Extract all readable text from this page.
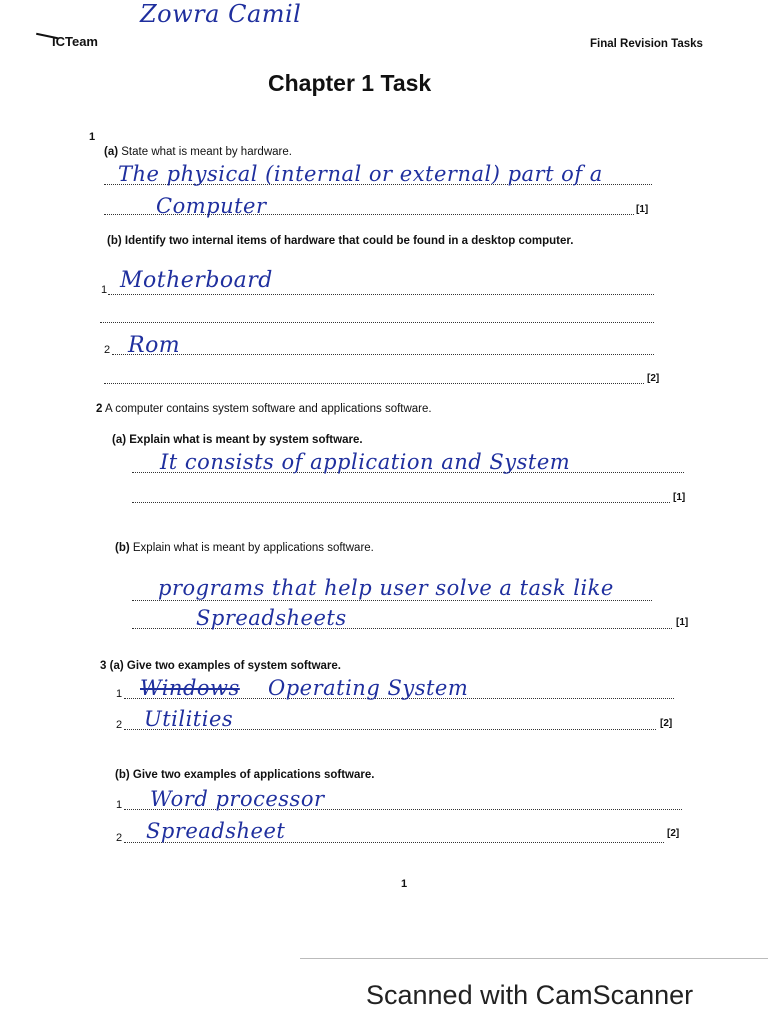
Zowra Camil
ICTeam	Final Revision Tasks
Chapter 1 Task
1
(a) State what is meant by hardware.
The physical (internal or external) part of a
Computer	[1]
(b) Identify two internal items of hardware that could be found in a desktop computer.
1 Motherboard
2 Rom
[2]
2 A computer contains system software and applications software.
(a) Explain what is meant by system software.
It consists of application and System
[1]
(b) Explain what is meant by applications software.
programs that help user solve a task like
Spreadsheets	[1]
3 (a) Give two examples of system software.
1 Windows Operating System
2 Utilities	[2]
(b) Give two examples of applications software.
1 Word processor
2 Spreadsheet	[2]
1
Scanned with CamScanner
